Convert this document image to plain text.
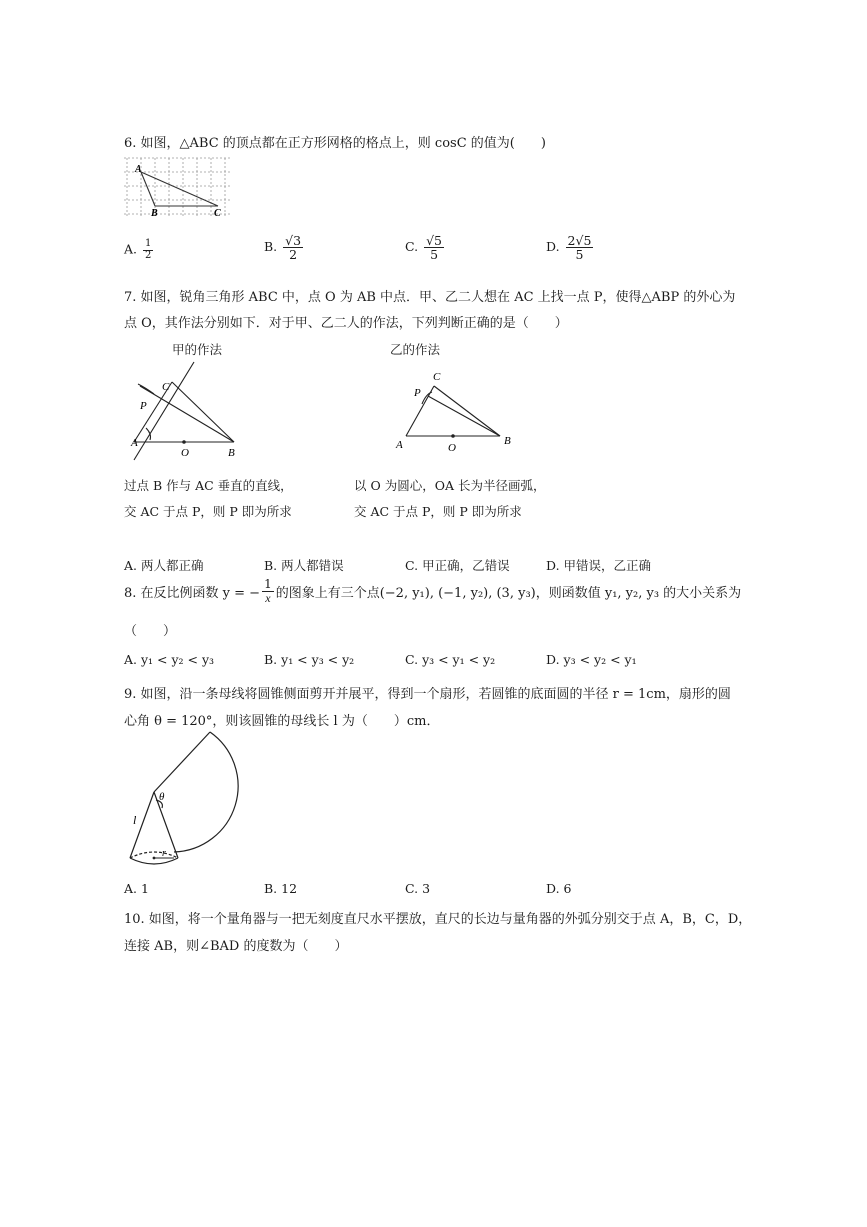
6. 如图，△ABC 的顶点都在正方形网格的格点上，则 cosC 的值为(　　)
A
B	C
A. $\frac{1}{2}$	B. $\frac{√3}{2}$	C. $\frac{√5}{5}$	D. $\frac{2√5}{5}$
7. 如图，锐角三角形 ABC 中，点 O 为 AB 中点．甲、乙二人想在 AC 上找一点 P，使得△ABP 的外心为
点 O，其作法分别如下．对于甲、乙二人的作法，下列判断正确的是（　　）
甲的作法	乙的作法
C
P
A
O	B
C
P
A	O
B
过点 B 作与 AC 垂直的直线，	以 O 为圆心，OA 长为半径画弧，
交 AC 于点 P，则 P 即为所求	交 AC 于点 P，则 P 即为所求
A. 两人都正确	B. 两人都错误	C. 甲正确，乙错误	D. 甲错误，乙正确
8. 在反比例函数 y = − $\frac{1}{x}$ 的图象上有三个点(−2, y₁), (−1, y₂), (3, y₃)，则函数值 y₁, y₂, y₃ 的大小关系为
（　　）
A. y₁ < y₂ < y₃	B. y₁ < y₃ < y₂	C. y₃ < y₁ < y₂	D. y₃ < y₂ < y₁
9. 如图，沿一条母线将圆锥侧面剪开并展平，得到一个扇形，若圆锥的底面圆的半径 r = 1cm，扇形的圆
心角 θ = 120°，则该圆锥的母线长 l 为（　　）cm．
θ
l
r
A. 1	B. 12	C. 3	D. 6
10. 如图，将一个量角器与一把无刻度直尺水平摆放，直尺的长边与量角器的外弧分别交于点 A，B，C，D，
连接 AB，则∠BAD 的度数为（　　）
